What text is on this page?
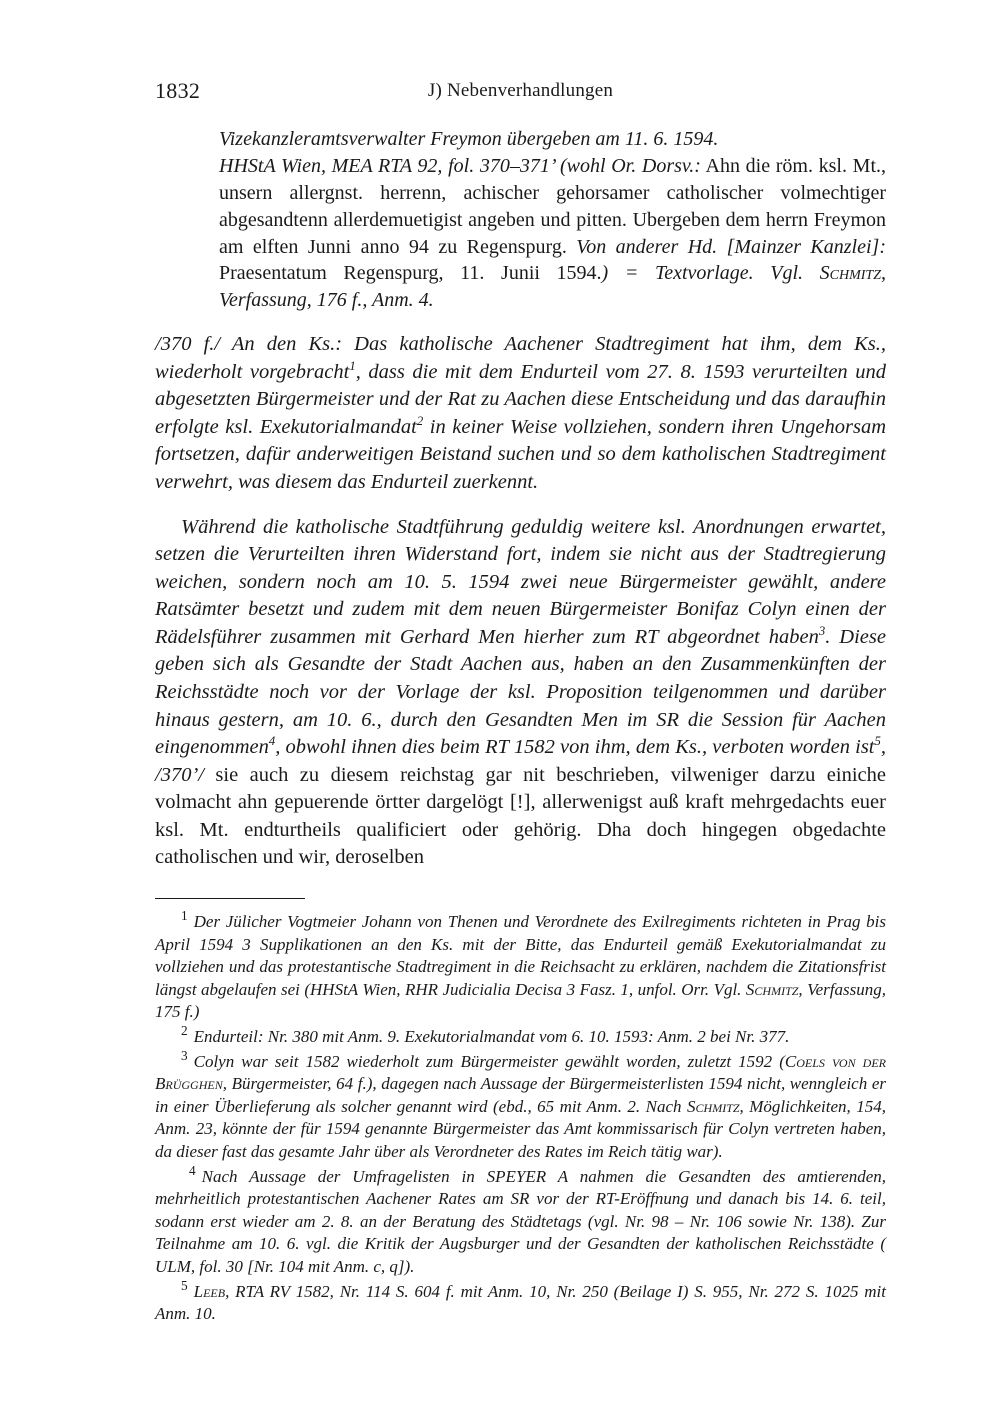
1832	J) Nebenverhandlungen

Vizekanzleramtsverwalter Freymon übergeben am 11. 6. 1594.

HHStA Wien, MEA RTA 92, fol. 370–371’ (wohl Or. Dorsv.: Ahn die röm. ksl. Mt., unsern allergnst. herrenn, achischer gehorsamer catholischer volmechtiger abgesandtenn allerdemuetigist angeben und pitten. Ubergeben dem herrn Freymon am elften Junni anno 94 zu Regenspurg. Von anderer Hd. [Mainzer Kanzlei]: Praesentatum Regenspurg, 11. Junii 1594.) = Textvorlage. Vgl. Schmitz, Verfassung, 176 f., Anm. 4.

/370 f./ An den Ks.: Das katholische Aachener Stadtregiment hat ihm, dem Ks., wiederholt vorgebracht$^1$, dass die mit dem Endurteil vom 27. 8. 1593 verurteilten und abgesetzten Bürgermeister und der Rat zu Aachen diese Entscheidung und das daraufhin erfolgte ksl. Exekutorialmandat$^2$ in keiner Weise vollziehen, sondern ihren Ungehorsam fortsetzen, dafür anderweitigen Beistand suchen und so dem katholischen Stadtregiment verwehrt, was diesem das Endurteil zuerkennt.

Während die katholische Stadtführung geduldig weitere ksl. Anordnungen erwartet, setzen die Verurteilten ihren Widerstand fort, indem sie nicht aus der Stadtregierung weichen, sondern noch am 10. 5. 1594 zwei neue Bürgermeister gewählt, andere Ratsämter besetzt und zudem mit dem neuen Bürgermeister Bonifaz Colyn einen der Rädelsführer zusammen mit Gerhard Men hierher zum RT abgeordnet haben$^3$. Diese geben sich als Gesandte der Stadt Aachen aus, haben an den Zusammenkünften der Reichsstädte noch vor der Vorlage der ksl. Proposition teilgenommen und darüber hinaus gestern, am 10. 6., durch den Gesandten Men im SR die Session für Aachen eingenommen$^4$, obwohl ihnen dies beim RT 1582 von ihm, dem Ks., verboten worden ist$^5$, /370’/ sie auch zu diesem reichstag gar nit beschrieben, vilweniger darzu einiche volmacht ahn gepuerende örtter dargelögt [!], allerwenigst auß kraft mehrgedachts euer ksl. Mt. endturtheils qualificiert oder gehörig. Dha doch hingegen obgedachte catholischen und wir, deroselben

$^1$ Der Jülicher Vogtmeier Johann von Thenen und Verordnete des Exilregiments richteten in Prag bis April 1594 3 Supplikationen an den Ks. mit der Bitte, das Endurteil gemäß Exekutorialmandat zu vollziehen und das protestantische Stadtregiment in die Reichsacht zu erklären, nachdem die Zitationsfrist längst abgelaufen sei (HHStA Wien, RHR Judicialia Decisa 3 Fasz. 1, unfol. Orr. Vgl. Schmitz, Verfassung, 175 f.)

$^2$ Endurteil: Nr. 380 mit Anm. 9. Exekutorialmandat vom 6. 10. 1593: Anm. 2 bei Nr. 377.

$^3$ Colyn war seit 1582 wiederholt zum Bürgermeister gewählt worden, zuletzt 1592 (Coels von der Brügghen, Bürgermeister, 64 f.), dagegen nach Aussage der Bürgermeisterlisten 1594 nicht, wenngleich er in einer Überlieferung als solcher genannt wird (ebd., 65 mit Anm. 2. Nach Schmitz, Möglichkeiten, 154, Anm. 23, könnte der für 1594 genannte Bürgermeister das Amt kommissarisch für Colyn vertreten haben, da dieser fast das gesamte Jahr über als Verordneter des Rates im Reich tätig war).

$^4$ Nach Aussage der Umfragelisten in SPEYER A nahmen die Gesandten des amtierenden, mehrheitlich protestantischen Aachener Rates am SR vor der RT-Eröffnung und danach bis 14. 6. teil, sodann erst wieder am 2. 8. an der Beratung des Städtetags (vgl. Nr. 98 – Nr. 106 sowie Nr. 138). Zur Teilnahme am 10. 6. vgl. die Kritik der Augsburger und der Gesandten der katholischen Reichsstädte ( ULM, fol. 30 [Nr. 104 mit Anm. c, q]).

$^5$ Leeb, RTA RV 1582, Nr. 114 S. 604 f. mit Anm. 10, Nr. 250 (Beilage I) S. 955, Nr. 272 S. 1025 mit Anm. 10.
